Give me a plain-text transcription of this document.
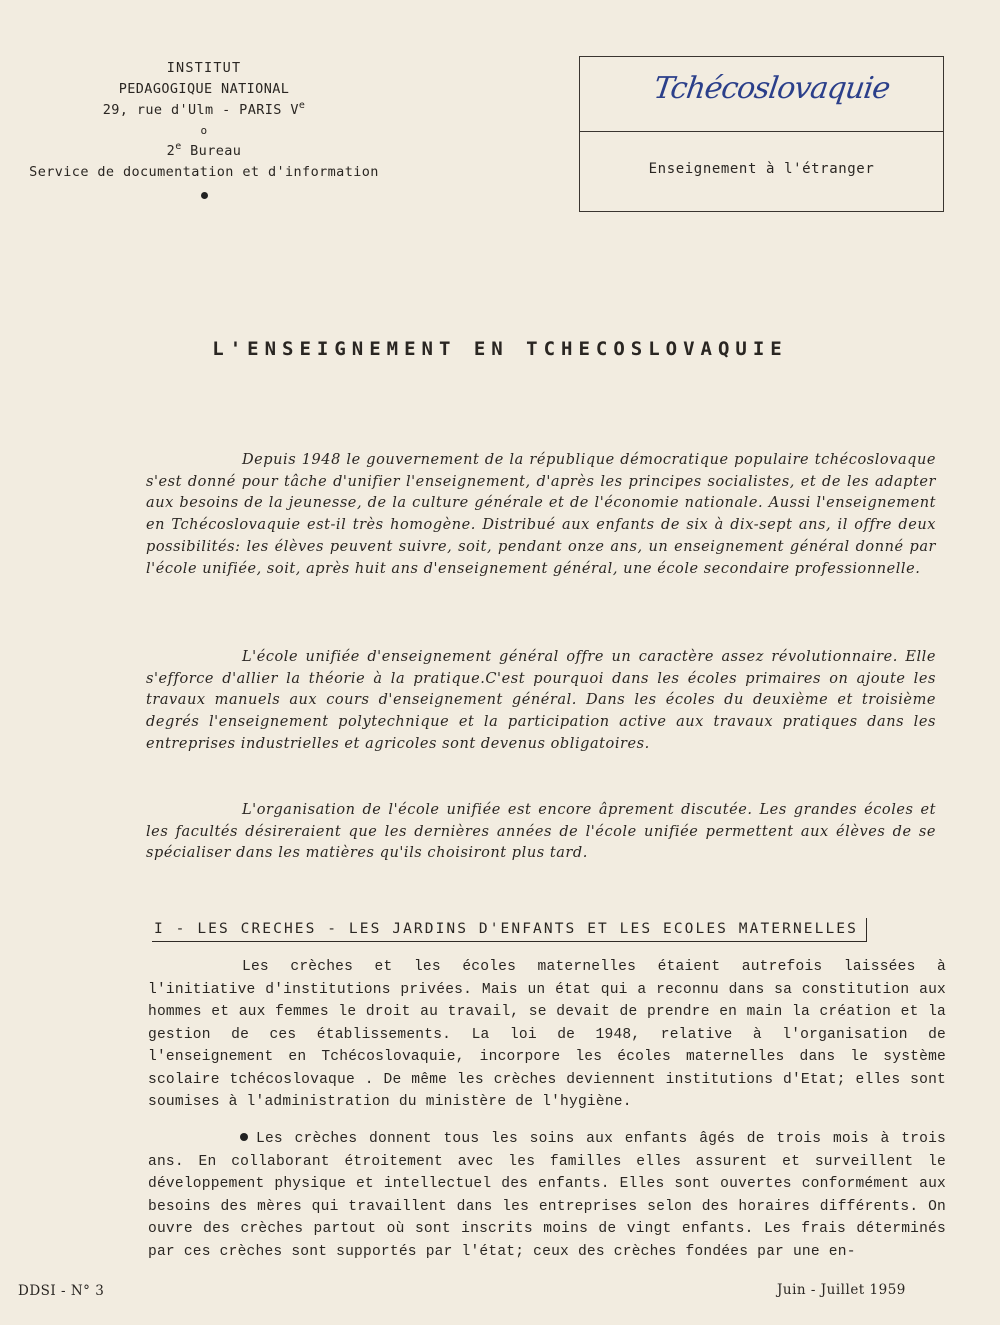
INSTITUT
PEDAGOGIQUE NATIONAL
29, rue d'Ulm - PARIS Ve
o
2e Bureau
Service de documentation et d'information
Tchécoslovaquie
Enseignement à l'étranger
L'ENSEIGNEMENT EN TCHECOSLOVAQUIE
Depuis 1948 le gouvernement de la république démocratique populaire tchécoslovaque s'est donné pour tâche d'unifier l'enseignement, d'après les principes socialistes, et de les adapter aux besoins de la jeunesse, de la culture générale et de l'économie nationale. Aussi l'enseignement en Tchécoslovaquie est-il très homogène. Distribué aux enfants de six à dix-sept ans, il offre deux possibilités: les élèves peuvent suivre, soit, pendant onze ans, un enseignement général donné par l'école unifiée, soit, après huit ans d'enseignement général, une école secondaire professionnelle.
L'école unifiée d'enseignement général offre un caractère assez révolutionnaire. Elle s'efforce d'allier la théorie à la pratique.C'est pourquoi dans les écoles primaires on ajoute les travaux manuels aux cours d'enseignement général. Dans les écoles du deuxième et troisième degrés l'enseignement polytechnique et la participation active aux travaux pratiques dans les entreprises industrielles et agricoles sont devenus obligatoires.
L'organisation de l'école unifiée est encore âprement discutée. Les grandes écoles et les facultés désireraient que les dernières années de l'école unifiée permettent aux élèves de se spécialiser dans les matières qu'ils choisiront plus tard.
I - LES CRECHES - LES JARDINS D'ENFANTS ET LES ECOLES MATERNELLES
Les crèches et les écoles maternelles étaient autrefois laissées à l'initiative d'institutions privées. Mais un état qui a reconnu dans sa constitution aux hommes et aux femmes le droit au travail, se devait de prendre en main la création et la gestion de ces établissements. La loi de 1948, relative à l'organisation de l'enseignement en Tchécoslovaquie, incorpore les écoles maternelles dans le système scolaire tchécoslovaque . De même les crèches deviennent institutions d'Etat; elles sont soumises à l'administration du ministère de l'hygiène.
Les crèches donnent tous les soins aux enfants âgés de trois mois à trois ans. En collaborant étroitement avec les familles elles assurent et surveillent le développement physique et intellectuel des enfants. Elles sont ouvertes conformément aux besoins des mères qui travaillent dans les entreprises selon des horaires différents. On ouvre des crèches partout où sont inscrits moins de vingt enfants. Les frais déterminés par ces crèches sont supportés par l'état; ceux des crèches fondées par une en-
DDSI - N° 3	Juin - Juillet 1959
